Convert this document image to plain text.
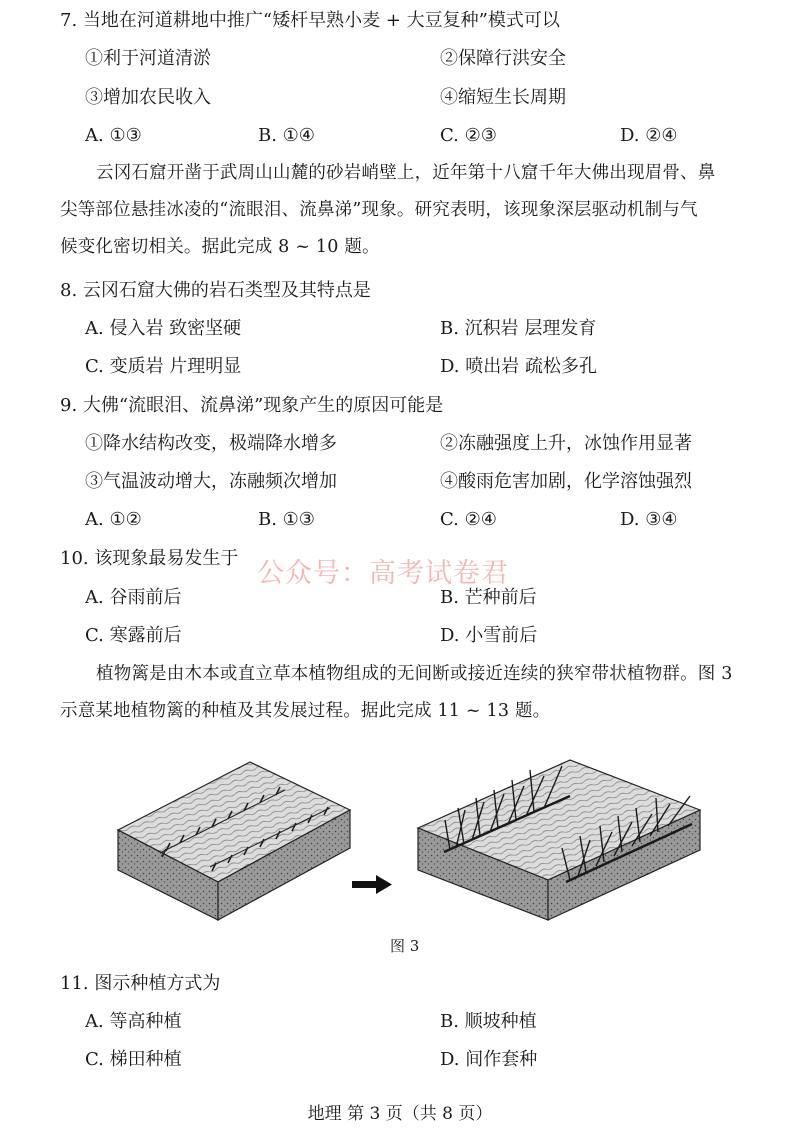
7. 当地在河道耕地中推广“矮杆早熟小麦 + 大豆复种”模式可以
①利于河道清淤	②保障行洪安全
③增加农民收入	④缩短生长周期
A. ①③	B. ①④	C. ②③	D. ②④
云冈石窟开凿于武周山山麓的砂岩峭壁上，近年第十八窟千年大佛出现眉骨、鼻
尖等部位悬挂冰凌的“流眼泪、流鼻涕”现象。研究表明，该现象深层驱动机制与气
候变化密切相关。据此完成 8 ~ 10 题。
8. 云冈石窟大佛的岩石类型及其特点是
A. 侵入岩 致密坚硬	B. 沉积岩 层理发育
C. 变质岩 片理明显	D. 喷出岩 疏松多孔
9. 大佛“流眼泪、流鼻涕”现象产生的原因可能是
①降水结构改变，极端降水增多	②冻融强度上升，冰蚀作用显著
③气温波动增大，冻融频次增加	④酸雨危害加剧，化学溶蚀强烈
A. ①②	B. ①③	C. ②④	D. ③④
公众号：高考试卷君
10. 该现象最易发生于
A. 谷雨前后	B. 芒种前后
C. 寒露前后	D. 小雪前后
植物篱是由木本或直立草本植物组成的无间断或接近连续的狭窄带状植物群。图 3
示意某地植物篱的种植及其发展过程。据此完成 11 ~ 13 题。
图 3
11. 图示种植方式为
A. 等高种植	B. 顺坡种植
C. 梯田种植	D. 间作套种
地理 第 3 页（共 8 页）
